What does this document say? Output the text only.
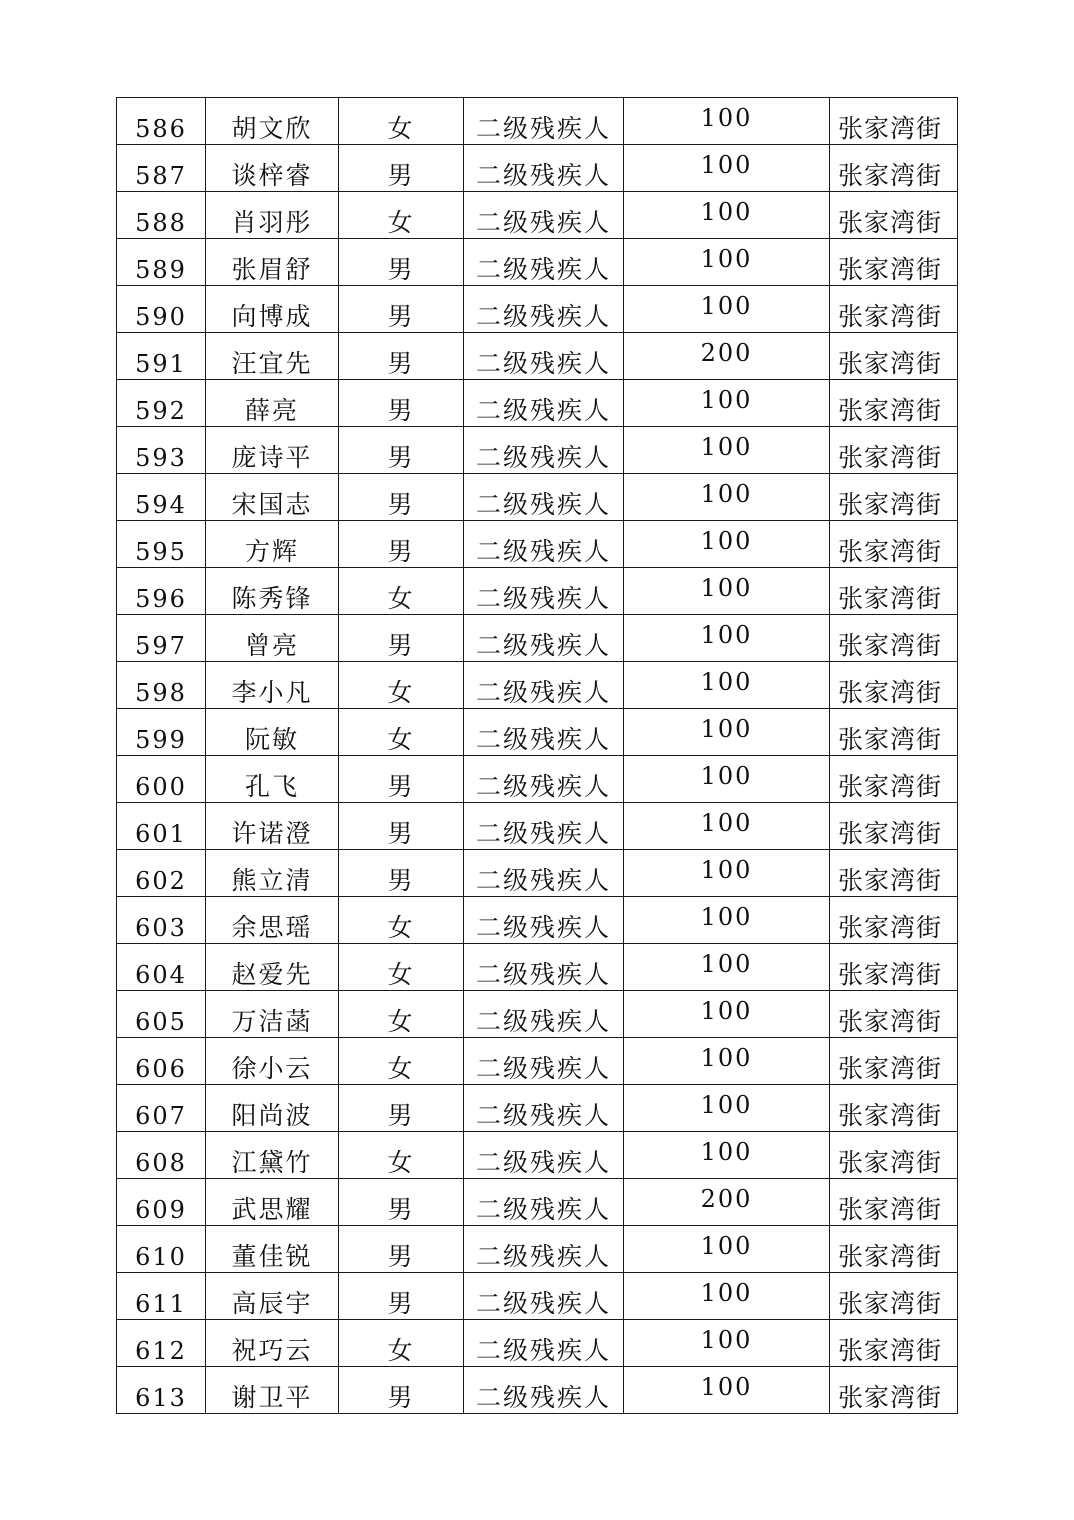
586	胡文欣	女	二级残疾人	100	张家湾街
587	谈梓睿	男	二级残疾人	100	张家湾街
588	肖羽彤	女	二级残疾人	100	张家湾街
589	张眉舒	男	二级残疾人	100	张家湾街
590	向博成	男	二级残疾人	100	张家湾街
591	汪宜先	男	二级残疾人	200	张家湾街
592	薛亮	男	二级残疾人	100	张家湾街
593	庞诗平	男	二级残疾人	100	张家湾街
594	宋国志	男	二级残疾人	100	张家湾街
595	方辉	男	二级残疾人	100	张家湾街
596	陈秀锋	女	二级残疾人	100	张家湾街
597	曾亮	男	二级残疾人	100	张家湾街
598	李小凡	女	二级残疾人	100	张家湾街
599	阮敏	女	二级残疾人	100	张家湾街
600	孔飞	男	二级残疾人	100	张家湾街
601	许诺澄	男	二级残疾人	100	张家湾街
602	熊立清	男	二级残疾人	100	张家湾街
603	余思瑶	女	二级残疾人	100	张家湾街
604	赵爱先	女	二级残疾人	100	张家湾街
605	万洁菡	女	二级残疾人	100	张家湾街
606	徐小云	女	二级残疾人	100	张家湾街
607	阳尚波	男	二级残疾人	100	张家湾街
608	江黛竹	女	二级残疾人	100	张家湾街
609	武思耀	男	二级残疾人	200	张家湾街
610	董佳锐	男	二级残疾人	100	张家湾街
611	高辰宇	男	二级残疾人	100	张家湾街
612	祝巧云	女	二级残疾人	100	张家湾街
613	谢卫平	男	二级残疾人	100	张家湾街
